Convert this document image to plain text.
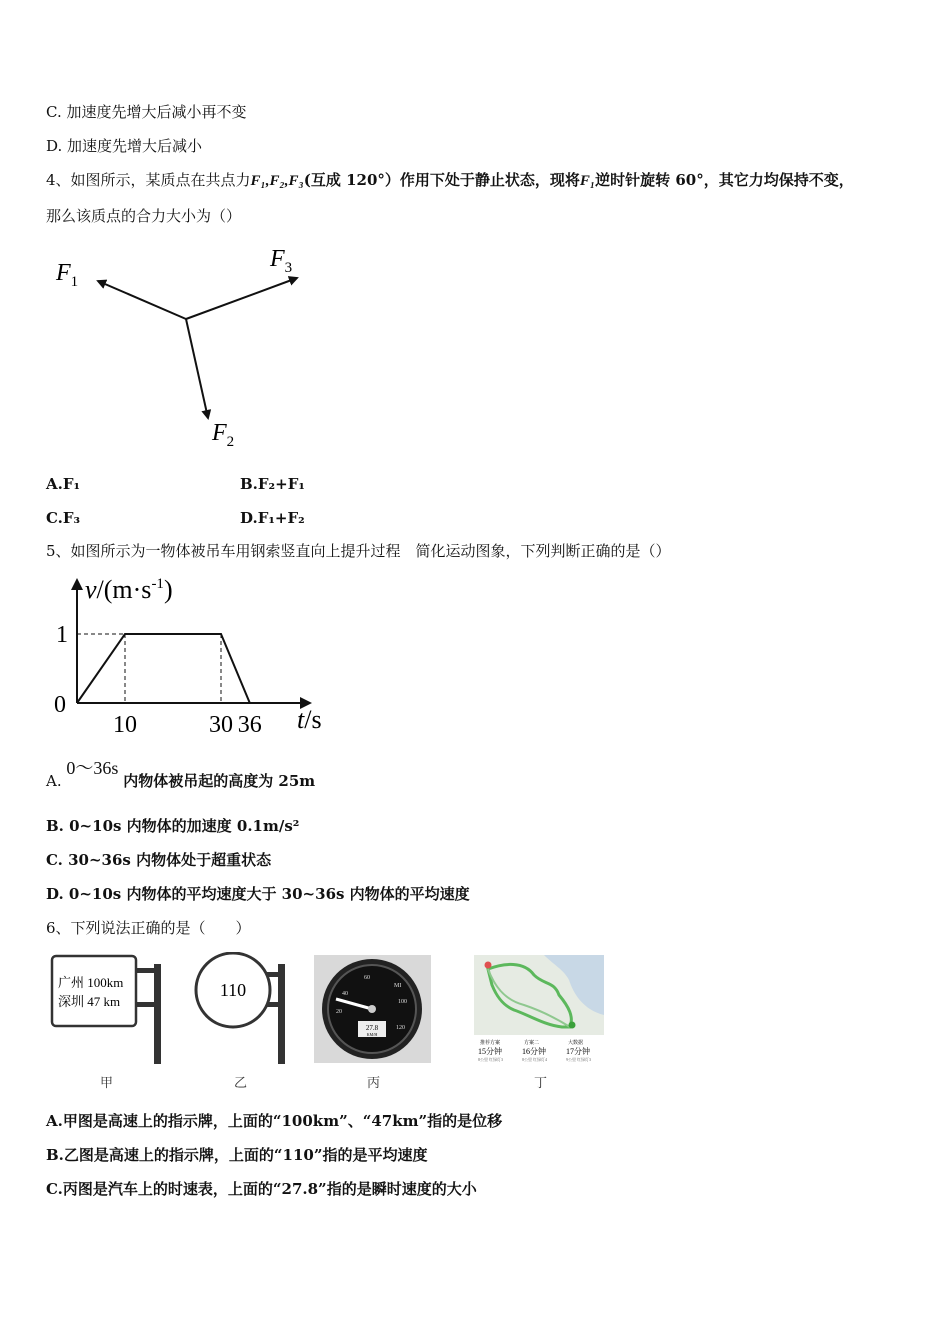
C. 加速度先增大后减小再不变
D. 加速度先增大后减小
4、如图所示，某质点在共点力F₁,F₂,F₃(互成 120°）作用下处于静止状态，现将F₁逆时针旋转 60°，其它力均保持不变，
那么该质点的合力大小为（）
$F_1$
$F_3$
$F_2$
A.F₁	B.F₂+F₁
C.F₃	D.F₁+F₂
5、如图所示为一物体被吊车用钢索竖直向上提升过程　简化运动图象，下列判断正确的是（）
$v/(m\cdot s^{-1})$
0
1
10	30 36 t/s
A. 0～36s 内物体被吊起的高度为 25m
B. 0~10s 内物体的加速度 0.1m/s²
C. 30~36s 内物体处于超重状态
D. 0~10s 内物体的平均速度大于 30~36s 内物体的平均速度
6、下列说法正确的是（　　）
广州 100km
深圳 47 km
甲
110
乙
40
60
MI
100
120
20
27.8
KM/H
丙
推荐方案	方案二	大数据
15分钟	16分钟	17分钟
8公里 红绿灯3	8公里 红绿灯4	9公里 红绿灯3
丁
A.甲图是高速上的指示牌，上面的“100km”、“47km”指的是位移
B.乙图是高速上的指示牌，上面的“110”指的是平均速度
C.丙图是汽车上的时速表，上面的“27.8”指的是瞬时速度的大小
